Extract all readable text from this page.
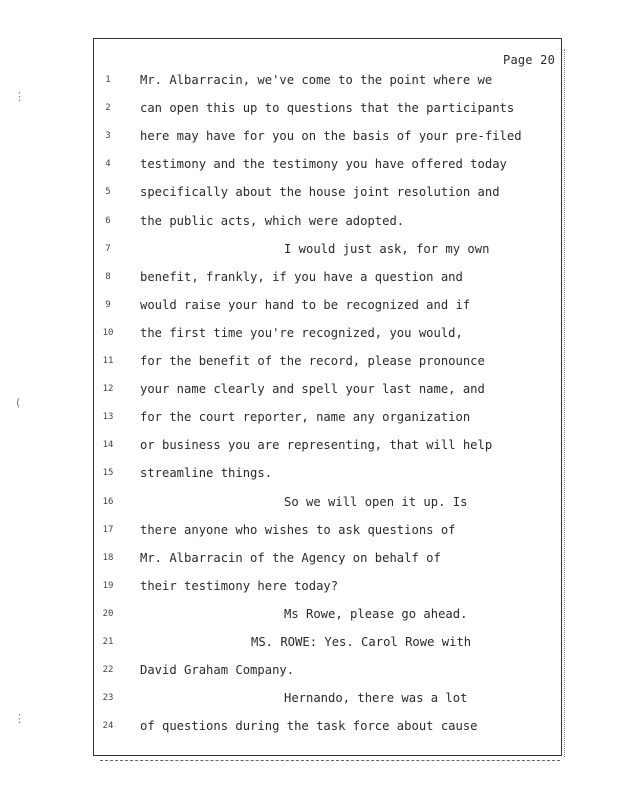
Page 20
1	Mr. Albarracin, we've come to the point where we
2	can open this up to questions that the participants
3	here may have for you on the basis of your pre-filed
4	testimony and the testimony you have offered today
5	specifically about the house joint resolution and
6	the public acts, which were adopted.
7	I would just ask, for my own
8	benefit, frankly, if you have a question and
9	would raise your hand to be recognized and if
10	the first time you're recognized, you would,
11	for the benefit of the record, please pronounce
12	your name clearly and spell your last name, and
13	for the court reporter, name any organization
14	or business you are representing, that will help
15	streamline things.
16	So we will open it up. Is
17	there anyone who wishes to ask questions of
18	Mr. Albarracin of the Agency on behalf of
19	their testimony here today?
20	Ms Rowe, please go ahead.
21	MS. ROWE: Yes. Carol Rowe with
22	David Graham Company.
23	Hernando, there was a lot
24	of questions during the task force about cause
⋮
(
⋮
